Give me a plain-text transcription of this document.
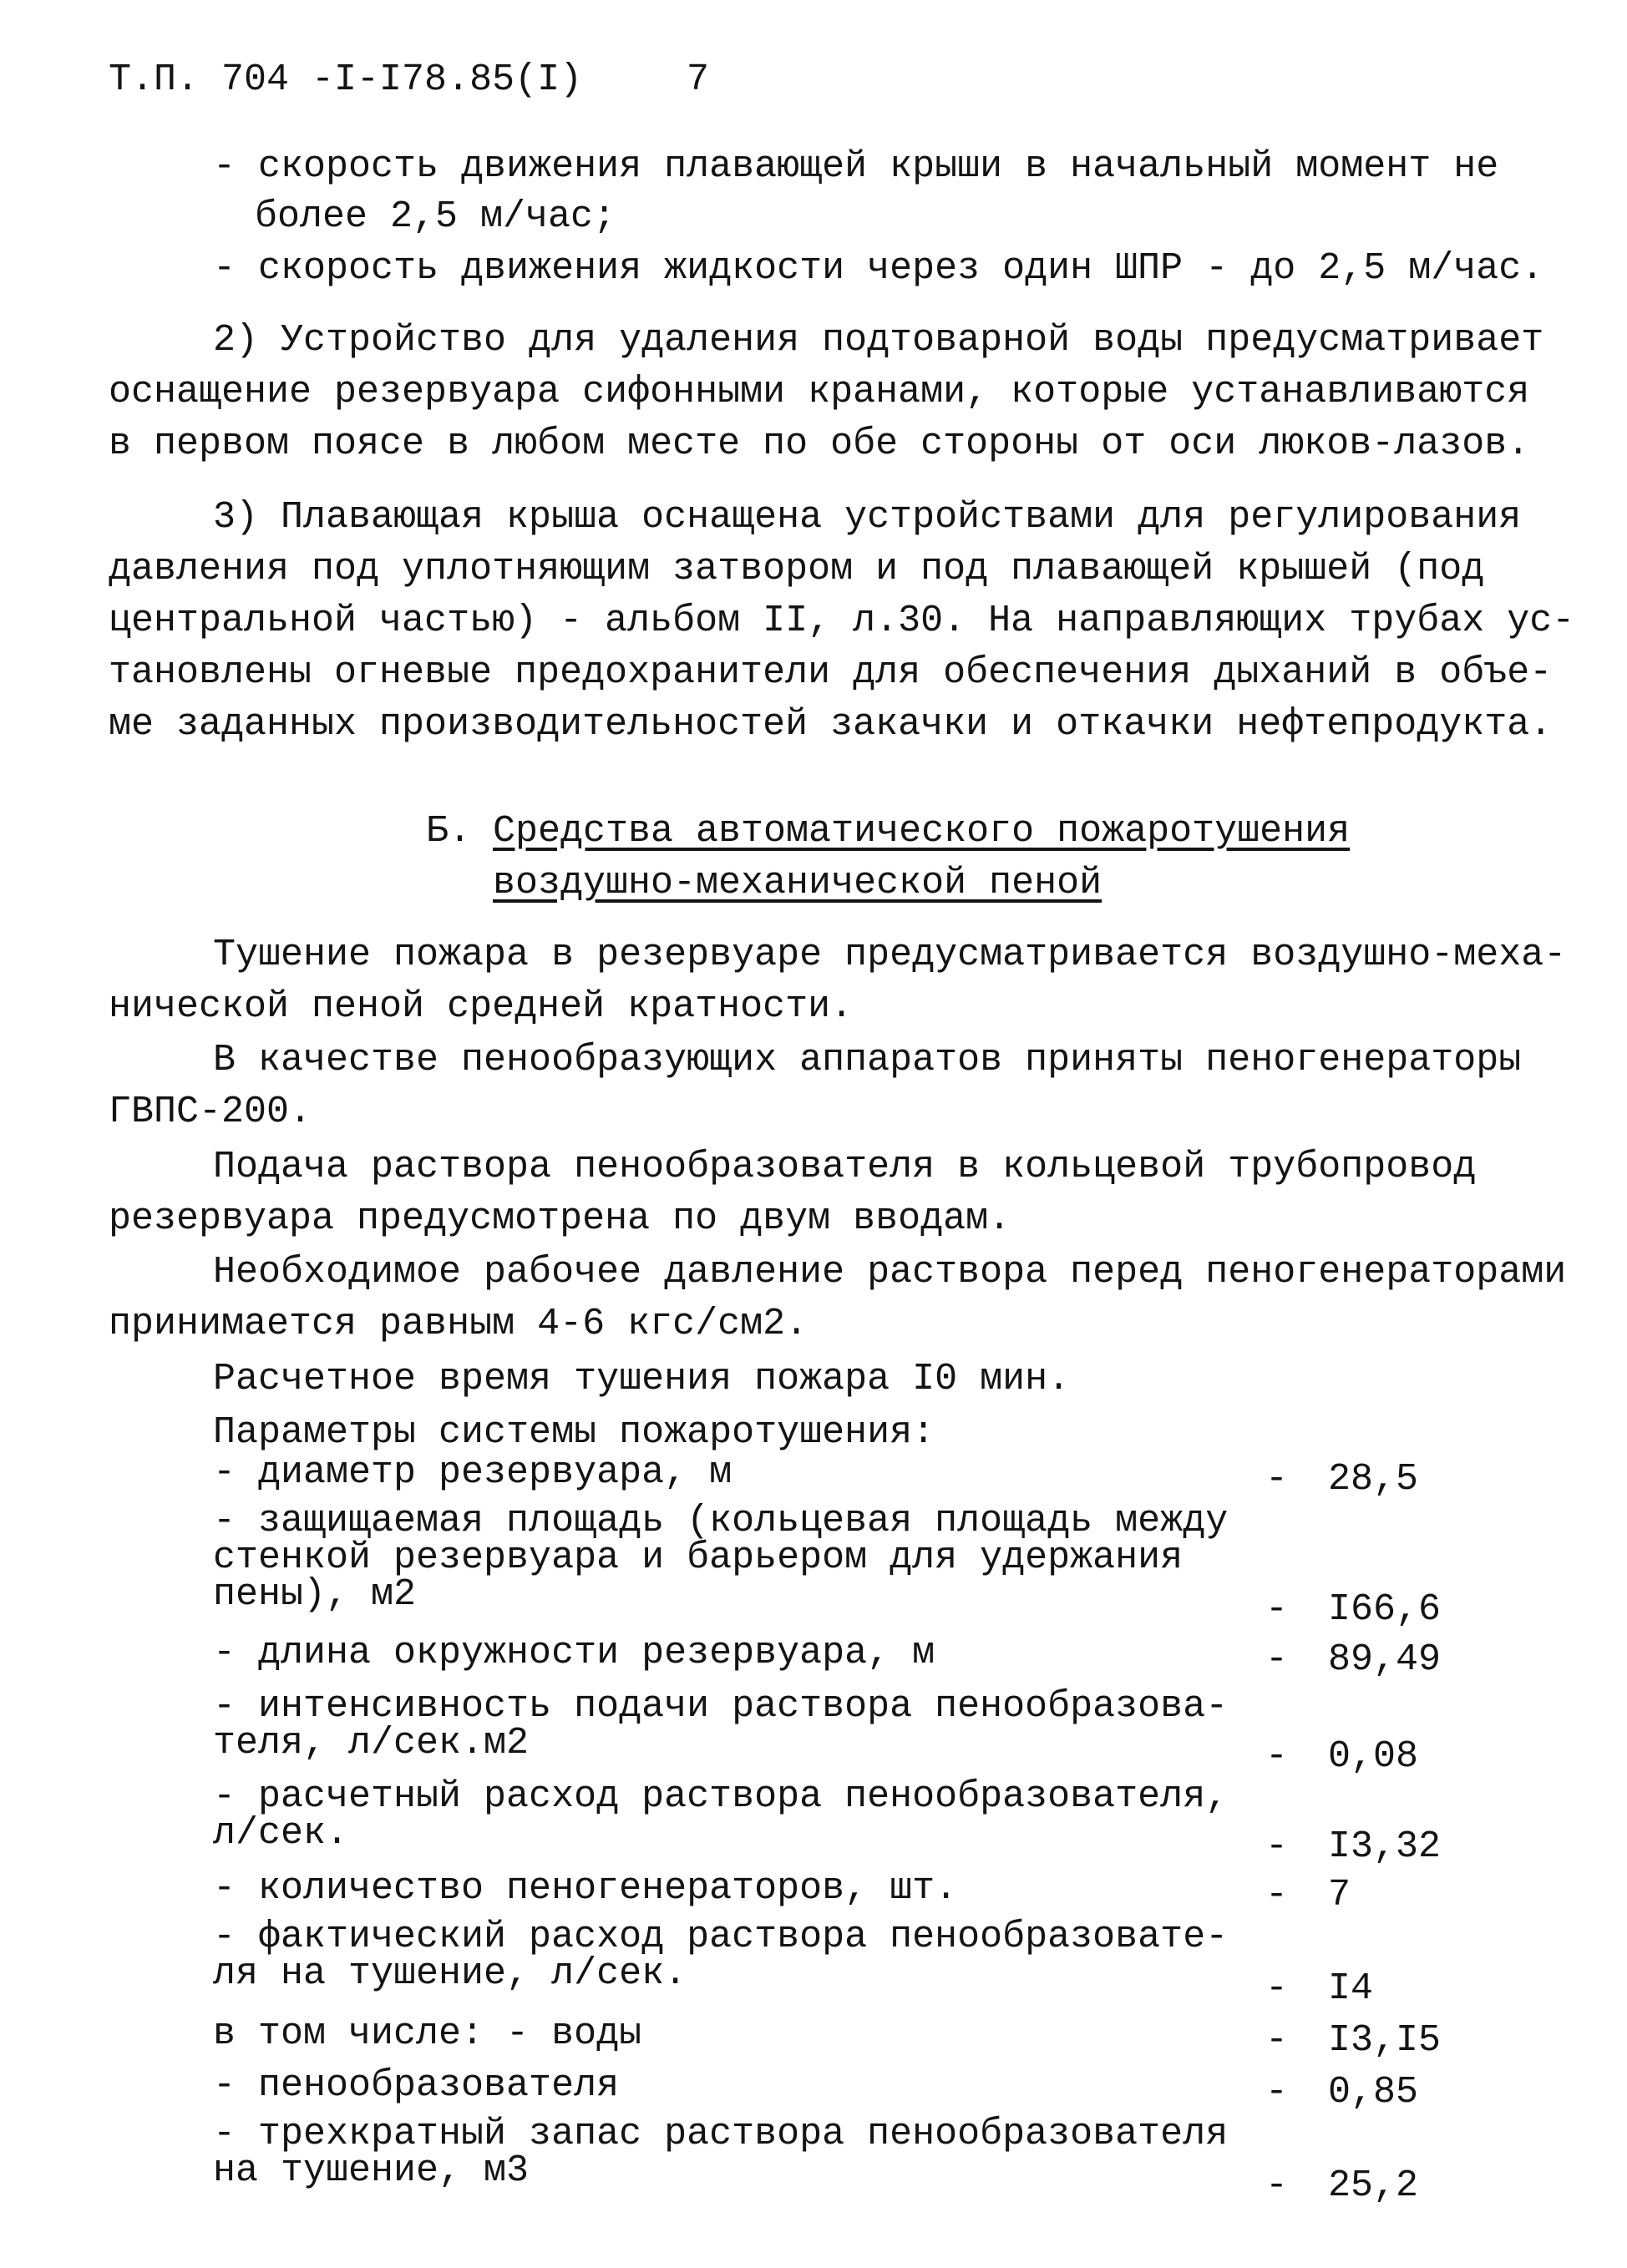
Т.П. 704 -I-I78.85(I)	7
- скорость движения плавающей крыши в начальный момент не
более 2,5 м/час;
- скорость движения жидкости через один ШПР - до 2,5 м/час.
2) Устройство для удаления подтоварной воды предусматривает
оснащение резервуара сифонными кранами, которые устанавливаются
в первом поясе в любом месте по обе стороны от оси люков-лазов.
3) Плавающая крыша оснащена устройствами для регулирования
давления под уплотняющим затвором и под плавающей крышей (под
центральной частью) - альбом II, л.30. На направляющих трубах ус-
тановлены огневые предохранители для обеспечения дыханий в объе-
ме заданных производительностей закачки и откачки нефтепродукта.
Б. Средства автоматического пожаротушения
воздушно-механической пеной
Тушение пожара в резервуаре предусматривается воздушно-меха-
нической пеной средней кратности.
В качестве пенообразующих аппаратов приняты пеногенераторы
ГВПС-200.
Подача раствора пенообразователя в кольцевой трубопровод
резервуара предусмотрена по двум вводам.
Необходимое рабочее давление раствора перед пеногенераторами
принимается равным 4-6 кгс/см2.
Расчетное время тушения пожара I0 мин.
Параметры системы пожаротушения:
- диаметр резервуара, м	- 28,5
- защищаемая площадь (кольцевая площадь между
стенкой резервуара и барьером для удержания
пены), м2	- I66,6
- длина окружности резервуара, м	- 89,49
- интенсивность подачи раствора пенообразова-
теля, л/сек.м2	- 0,08
- расчетный расход раствора пенообразователя,
л/сек.	- I3,32
- количество пеногенераторов, шт.	- 7
- фактический расход раствора пенообразовате-
ля на тушение, л/сек.	- I4
в том числе: - воды	- I3,I5
- пенообразователя	- 0,85
- трехкратный запас раствора пенообразователя
на тушение, м3	- 25,2
